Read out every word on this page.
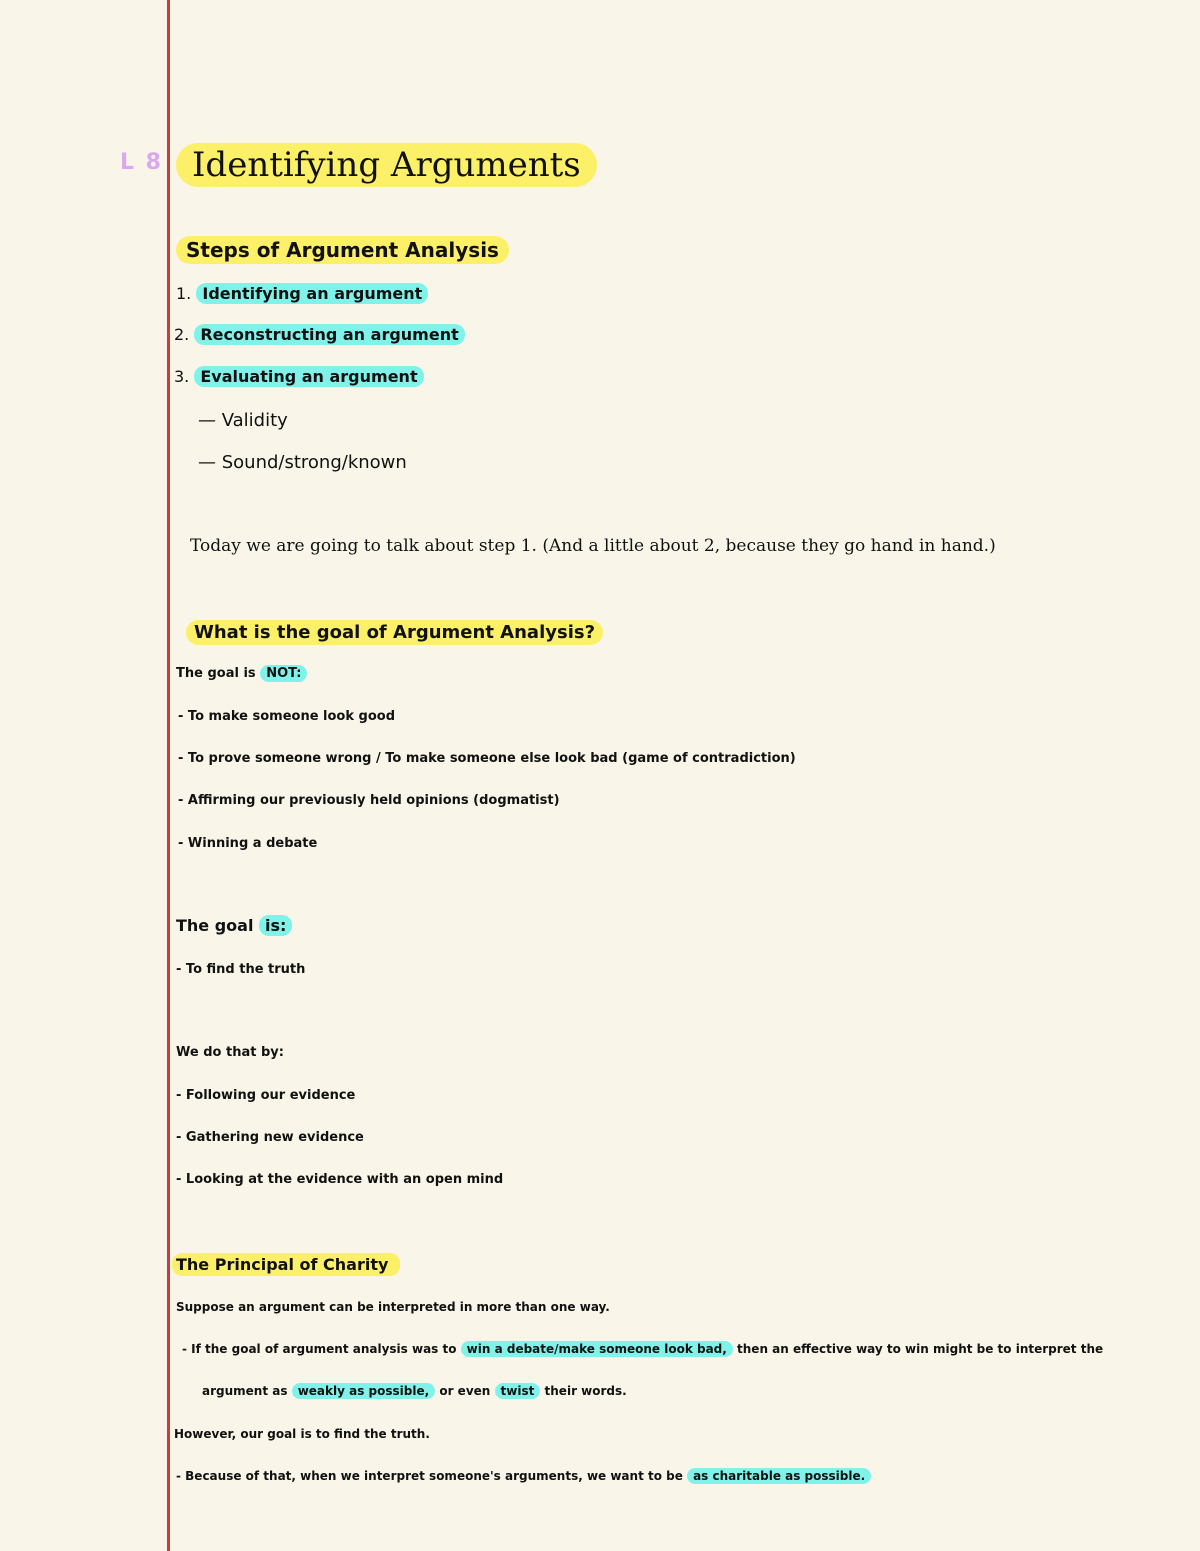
L 8 Identifying Arguments
Steps of Argument Analysis
1. Identifying an argument
2. Reconstructing an argument
3. Evaluating an argument
— Validity
— Sound/strong/known
Today we are going to talk about step 1. (And a little about 2, because they go hand in hand.)
What is the goal of Argument Analysis?
The goal is NOT:
- To make someone look good
- To prove someone wrong / To make someone else look bad (game of contradiction)
- Affirming our previously held opinions (dogmatist)
- Winning a debate
The goal is:
- To find the truth
We do that by:
- Following our evidence
- Gathering new evidence
- Looking at the evidence with an open mind
The Principal of Charity
Suppose an argument can be interpreted in more than one way.
- If the goal of argument analysis was to win a debate/make someone look bad, then an effective way to win might be to interpret the
argument as weakly as possible, or even twist their words.
However, our goal is to find the truth.
- Because of that, when we interpret someone's arguments, we want to be as charitable as possible.
